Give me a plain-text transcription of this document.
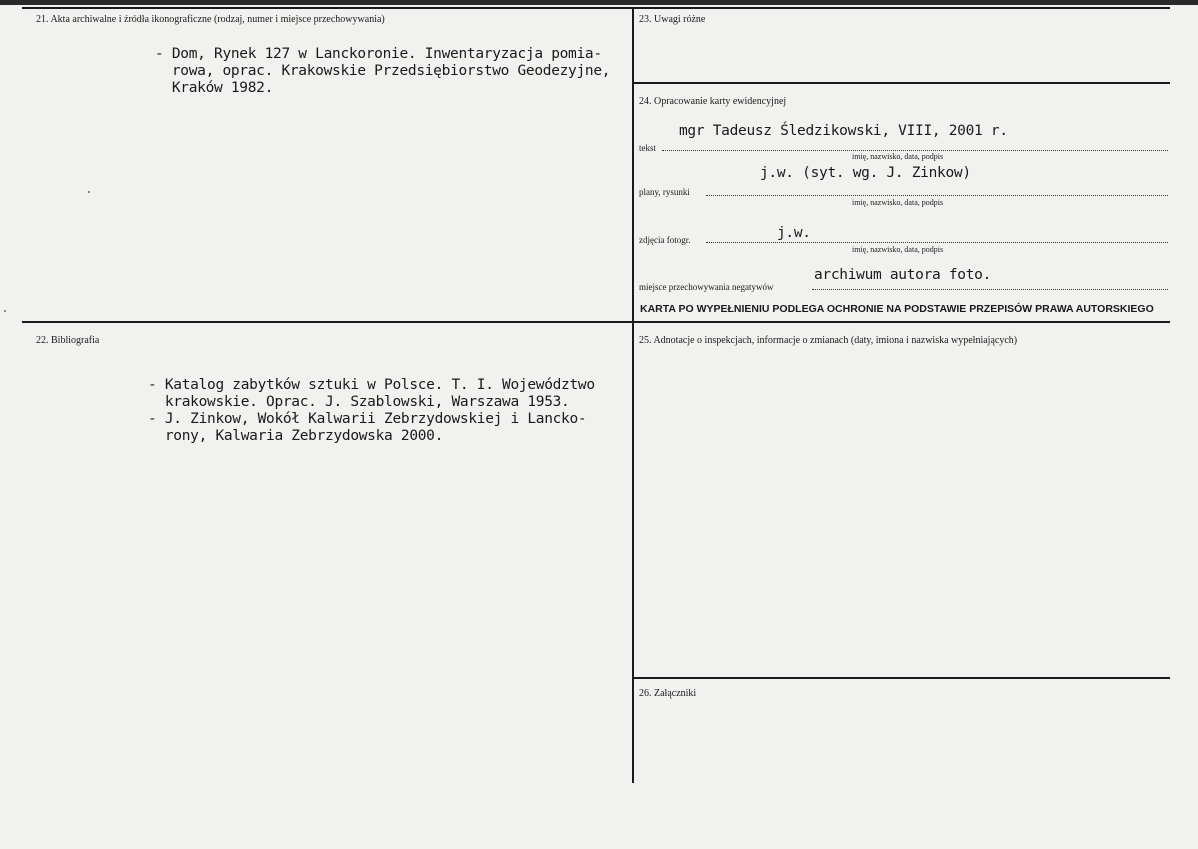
21. Akta archiwalne i źródła ikonograficzne (rodzaj, numer i miejsce przechowywania)
- Dom, Rynek 127 w Lanckoronie. Inwentaryzacja pomia-
rowa, oprac. Krakowskie Przedsiębiorstwo Geodezyjne,
Kraków 1982.
22. Bibliografia
- Katalog zabytków sztuki w Polsce. T. I. Województwo
krakowskie. Oprac. J. Szablowski, Warszawa 1953.
- J. Zinkow, Wokół Kalwarii Zebrzydowskiej i Lancko-
rony, Kalwaria Zebrzydowska 2000.
23. Uwagi różne
24. Opracowanie karty ewidencyjnej
mgr Tadeusz Śledzikowski, VIII, 2001 r.
tekst
imię, nazwisko, data, podpis
j.w. (syt. wg. J. Zinkow)
plany, rysunki
imię, nazwisko, data, podpis
j.w.
zdjęcia fotogr.
imię, nazwisko, data, podpis
archiwum autora foto.
miejsce przechowywania negatywów
KARTA PO WYPEŁNIENIU PODLEGA OCHRONIE NA PODSTAWIE PRZEPISÓW PRAWA AUTORSKIEGO
25. Adnotacje o inspekcjach, informacje o zmianach (daty, imiona i nazwiska wypełniających)
26. Załączniki
